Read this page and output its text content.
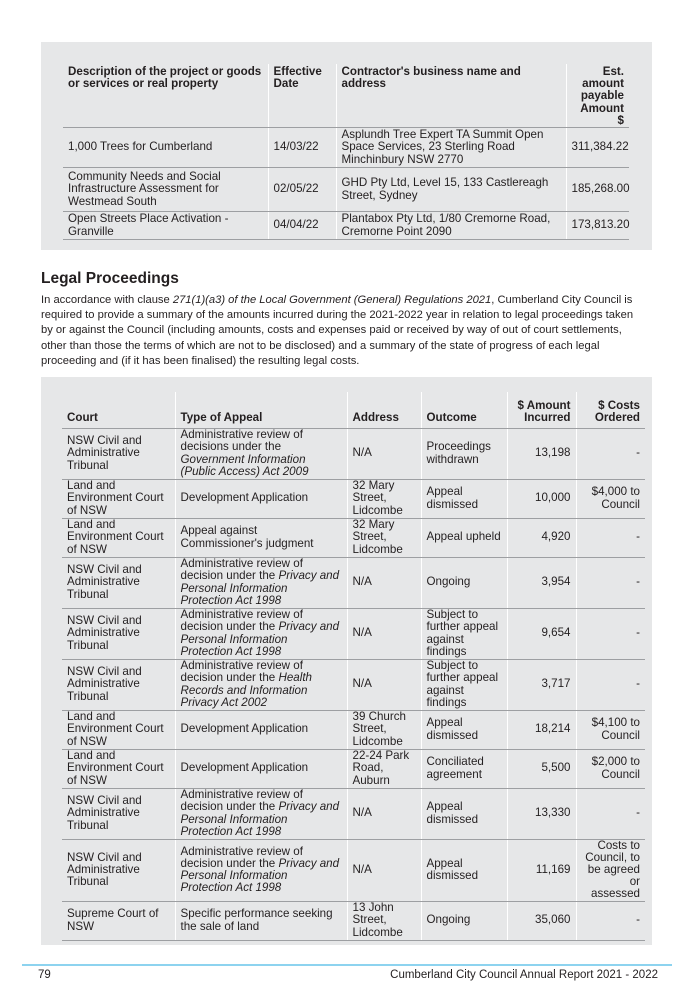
Description of the project or goods or services or real property	Effective Date	Contractor's business name and address	Est. amount payable Amount $
1,000 Trees for Cumberland	14/03/22	Asplundh Tree Expert TA Summit Open Space Services, 23 Sterling Road Minchinbury NSW 2770	311,384.22
Community Needs and Social Infrastructure Assessment for Westmead South	02/05/22	GHD Pty Ltd, Level 15, 133 Castlereagh Street, Sydney	185,268.00
Open Streets Place Activation - Granville	04/04/22	Plantabox Pty Ltd, 1/80 Cremorne Road, Cremorne Point 2090	173,813.20
Legal Proceedings

In accordance with clause 271(1)(a3) of the Local Government (General) Regulations 2021, Cumberland City Council is required to provide a summary of the amounts incurred during the 2021-2022 year in relation to legal proceedings taken by or against the Council (including amounts, costs and expenses paid or received by way of out of court settlements, other than those the terms of which are not to be disclosed) and a summary of the state of progress of each legal proceeding and (if it has been finalised) the resulting legal costs.

Court	Type of Appeal	Address	Outcome	$ Amount Incurred	$ Costs Ordered
NSW Civil and Administrative Tribunal	Administrative review of decisions under the Government Information (Public Access) Act 2009	N/A	Proceedings withdrawn	13,198	-
Land and Environment Court of NSW	Development Application	32 Mary Street, Lidcombe	Appeal dismissed	10,000	$4,000 to Council
Land and Environment Court of NSW	Appeal against Commissioner's judgment	32 Mary Street, Lidcombe	Appeal upheld	4,920	-
NSW Civil and Administrative Tribunal	Administrative review of decision under the Privacy and Personal Information Protection Act 1998	N/A	Ongoing	3,954	-
NSW Civil and Administrative Tribunal	Administrative review of decision under the Privacy and Personal Information Protection Act 1998	N/A	Subject to further appeal against findings	9,654	-
NSW Civil and Administrative Tribunal	Administrative review of decision under the Health Records and Information Privacy Act 2002	N/A	Subject to further appeal against findings	3,717	-
Land and Environment Court of NSW	Development Application	39 Church Street, Lidcombe	Appeal dismissed	18,214	$4,100 to Council
Land and Environment Court of NSW	Development Application	22-24 Park Road, Auburn	Conciliated agreement	5,500	$2,000 to Council
NSW Civil and Administrative Tribunal	Administrative review of decision under the Privacy and Personal Information Protection Act 1998	N/A	Appeal dismissed	13,330	-
NSW Civil and Administrative Tribunal	Administrative review of decision under the Privacy and Personal Information Protection Act 1998	N/A	Appeal dismissed	11,169	Costs to Council, to be agreed or assessed
Supreme Court of NSW	Specific performance seeking the sale of land	13 John Street, Lidcombe	Ongoing	35,060	-
79	Cumberland City Council Annual Report 2021 - 2022
